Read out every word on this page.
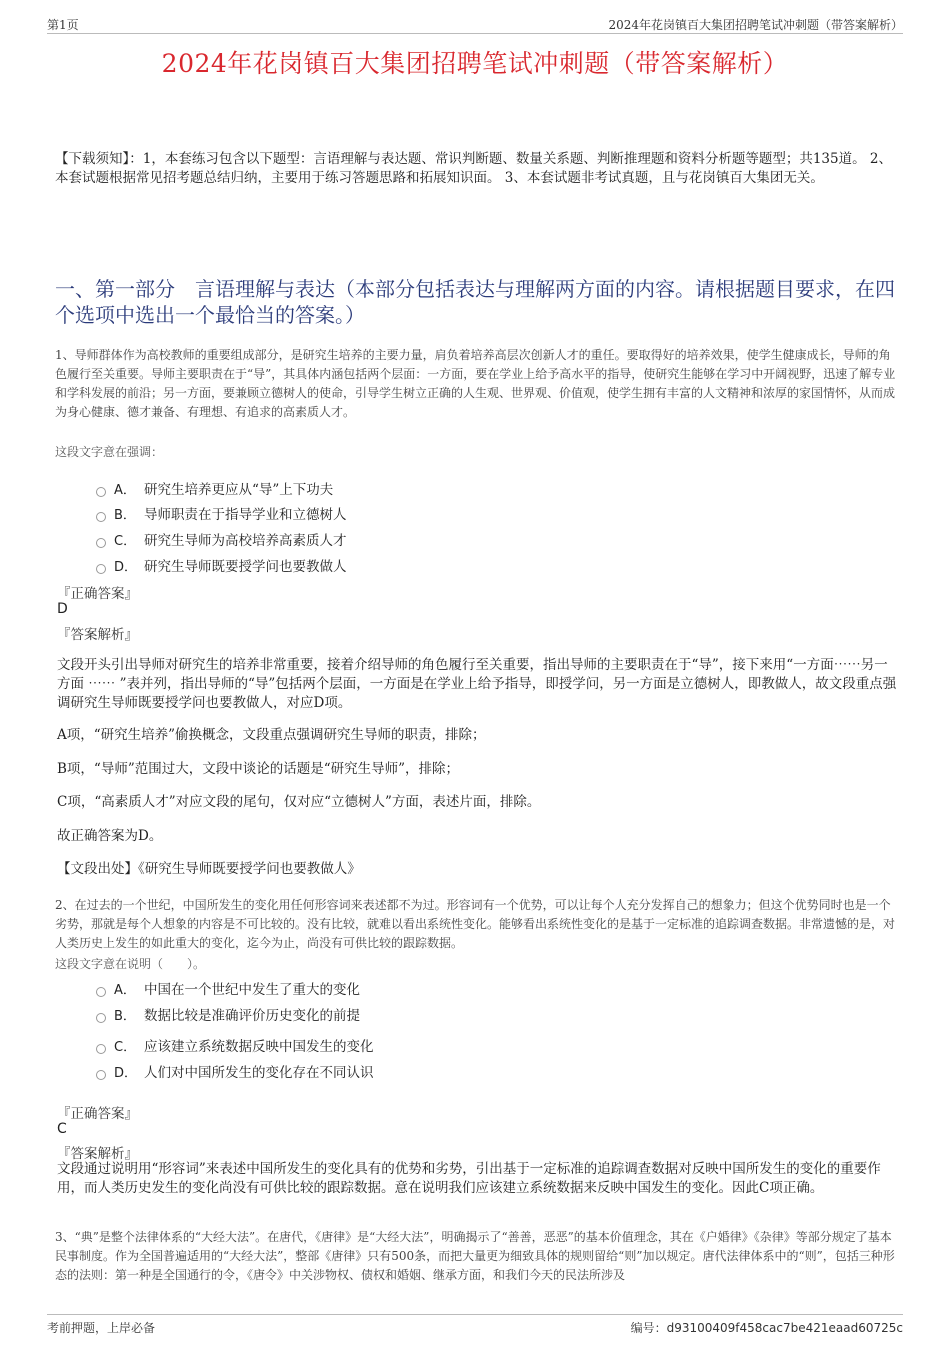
第1页	2024年花岗镇百大集团招聘笔试冲刺题（带答案解析）
2024年花岗镇百大集团招聘笔试冲刺题（带答案解析）
【下载须知】：1，本套练习包含以下题型：言语理解与表达题、常识判断题、数量关系题、判断推理题和资料分析题等题型；共135道。 2、本套试题根据常见招考题总结归纳，主要用于练习答题思路和拓展知识面。 3、本套试题非考试真题，且与花岗镇百大集团无关。
一、第一部分　言语理解与表达（本部分包括表达与理解两方面的内容。请根据题目要求，在四个选项中选出一个最恰当的答案。）
1、导师群体作为高校教师的重要组成部分，是研究生培养的主要力量，肩负着培养高层次创新人才的重任。要取得好的培养效果，使学生健康成长，导师的角色履行至关重要。导师主要职责在于“导”，其具体内涵包括两个层面：一方面，要在学业上给予高水平的指导，使研究生能够在学习中开阔视野，迅速了解专业和学科发展的前沿；另一方面，要兼顾立德树人的使命，引导学生树立正确的人生观、世界观、价值观，使学生拥有丰富的人文精神和浓厚的家国情怀，从而成为身心健康、德才兼备、有理想、有追求的高素质人才。
这段文字意在强调：
A． 研究生培养更应从“导”上下功夫
B． 导师职责在于指导学业和立德树人
C． 研究生导师为高校培养高素质人才
D． 研究生导师既要授学问也要教做人
『正确答案』
D
『答案解析』
文段开头引出导师对研究生的培养非常重要，接着介绍导师的角色履行至关重要，指出导师的主要职责在于“导”，接下来用“一方面⋯⋯另一方面 ⋯⋯ ”表并列，指出导师的“导”包括两个层面，一方面是在学业上给予指导，即授学问，另一方面是立德树人，即教做人，故文段重点强调研究生导师既要授学问也要教做人，对应D项。
A项，“研究生培养”偷换概念，文段重点强调研究生导师的职责，排除；
B项，“导师”范围过大，文段中谈论的话题是“研究生导师”，排除；
C项，“高素质人才”对应文段的尾句，仅对应“立德树人”方面，表述片面，排除。
故正确答案为D。
【文段出处】《研究生导师既要授学问也要教做人》
2、在过去的一个世纪，中国所发生的变化用任何形容词来表述都不为过。形容词有一个优势，可以让每个人充分发挥自己的想象力；但这个优势同时也是一个劣势，那就是每个人想象的内容是不可比较的。没有比较，就难以看出系统性变化。能够看出系统性变化的是基于一定标准的追踪调查数据。非常遗憾的是，对人类历史上发生的如此重大的变化，迄今为止，尚没有可供比较的跟踪数据。
这段文字意在说明（　　）。
A． 中国在一个世纪中发生了重大的变化
B． 数据比较是准确评价历史变化的前提
C． 应该建立系统数据反映中国发生的变化
D． 人们对中国所发生的变化存在不同认识
『正确答案』
C
『答案解析』
文段通过说明用“形容词”来表述中国所发生的变化具有的优势和劣势，引出基于一定标准的追踪调查数据对反映中国所发生的变化的重要作用，而人类历史发生的变化尚没有可供比较的跟踪数据。意在说明我们应该建立系统数据来反映中国发生的变化。因此C项正确。
3、“典”是整个法律体系的“大经大法”。在唐代，《唐律》是“大经大法”，明确揭示了“善善，恶恶”的基本价值理念，其在《户婚律》《杂律》等部分规定了基本民事制度。作为全国普遍适用的“大经大法”，整部《唐律》只有500条，而把大量更为细致具体的规则留给“则”加以规定。唐代法律体系中的“则”，包括三种形态的法则：第一种是全国通行的令，《唐令》中关涉物权、债权和婚姻、继承方面，和我们今天的民法所涉及
考前押题，上岸必备	编号：d93100409f458cac7be421eaad60725c
